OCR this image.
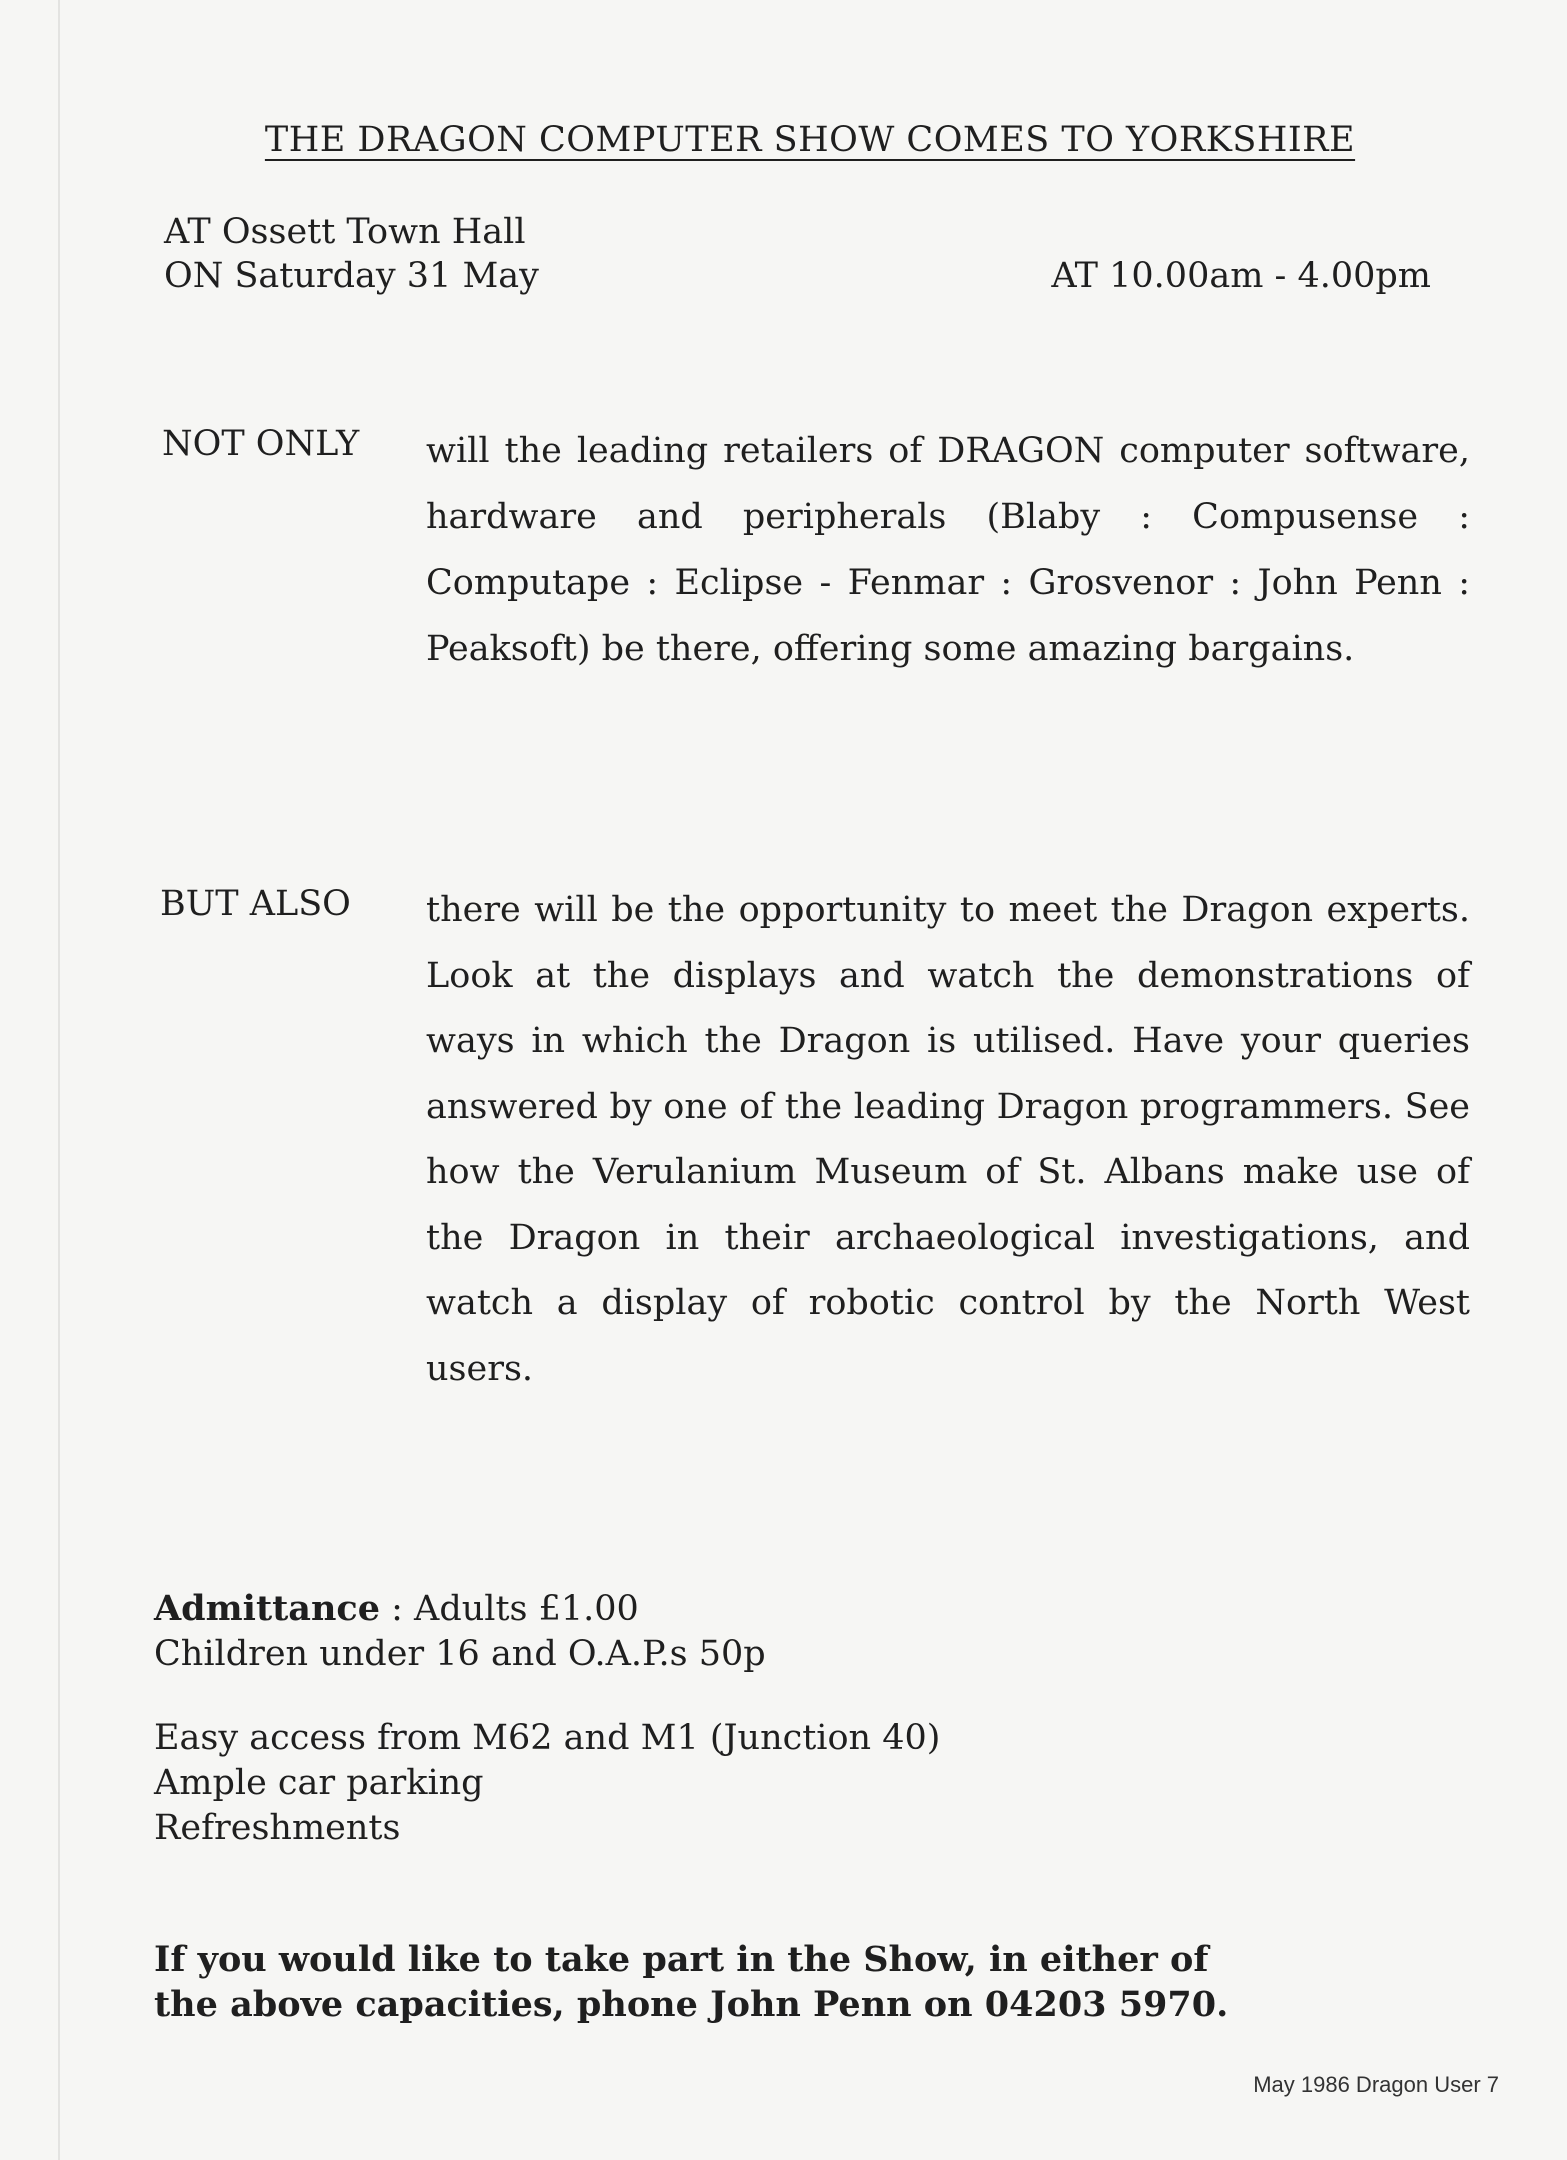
THE DRAGON COMPUTER SHOW COMES TO YORKSHIRE
AT Ossett Town Hall
ON Saturday 31 May	AT 10.00am - 4.00pm
NOT ONLY will the leading retailers of DRAGON computer software, hardware and peripherals (Blaby : Compusense : Computape : Eclipse - Fenmar : Grosvenor : John Penn : Peaksoft) be there, offering some amazing bargains.
BUT ALSO there will be the opportunity to meet the Dragon experts. Look at the displays and watch the demonstrations of ways in which the Dragon is utilised. Have your queries answered by one of the leading Dragon programmers. See how the Verulanium Museum of St. Albans make use of the Dragon in their archaeological investigations, and watch a display of robotic control by the North West users.
Admittance : Adults £1.00
Children under 16 and O.A.P.s 50p
Easy access from M62 and M1 (Junction 40)
Ample car parking
Refreshments
If you would like to take part in the Show, in either of
the above capacities, phone John Penn on 04203 5970.
May 1986 Dragon User 7
